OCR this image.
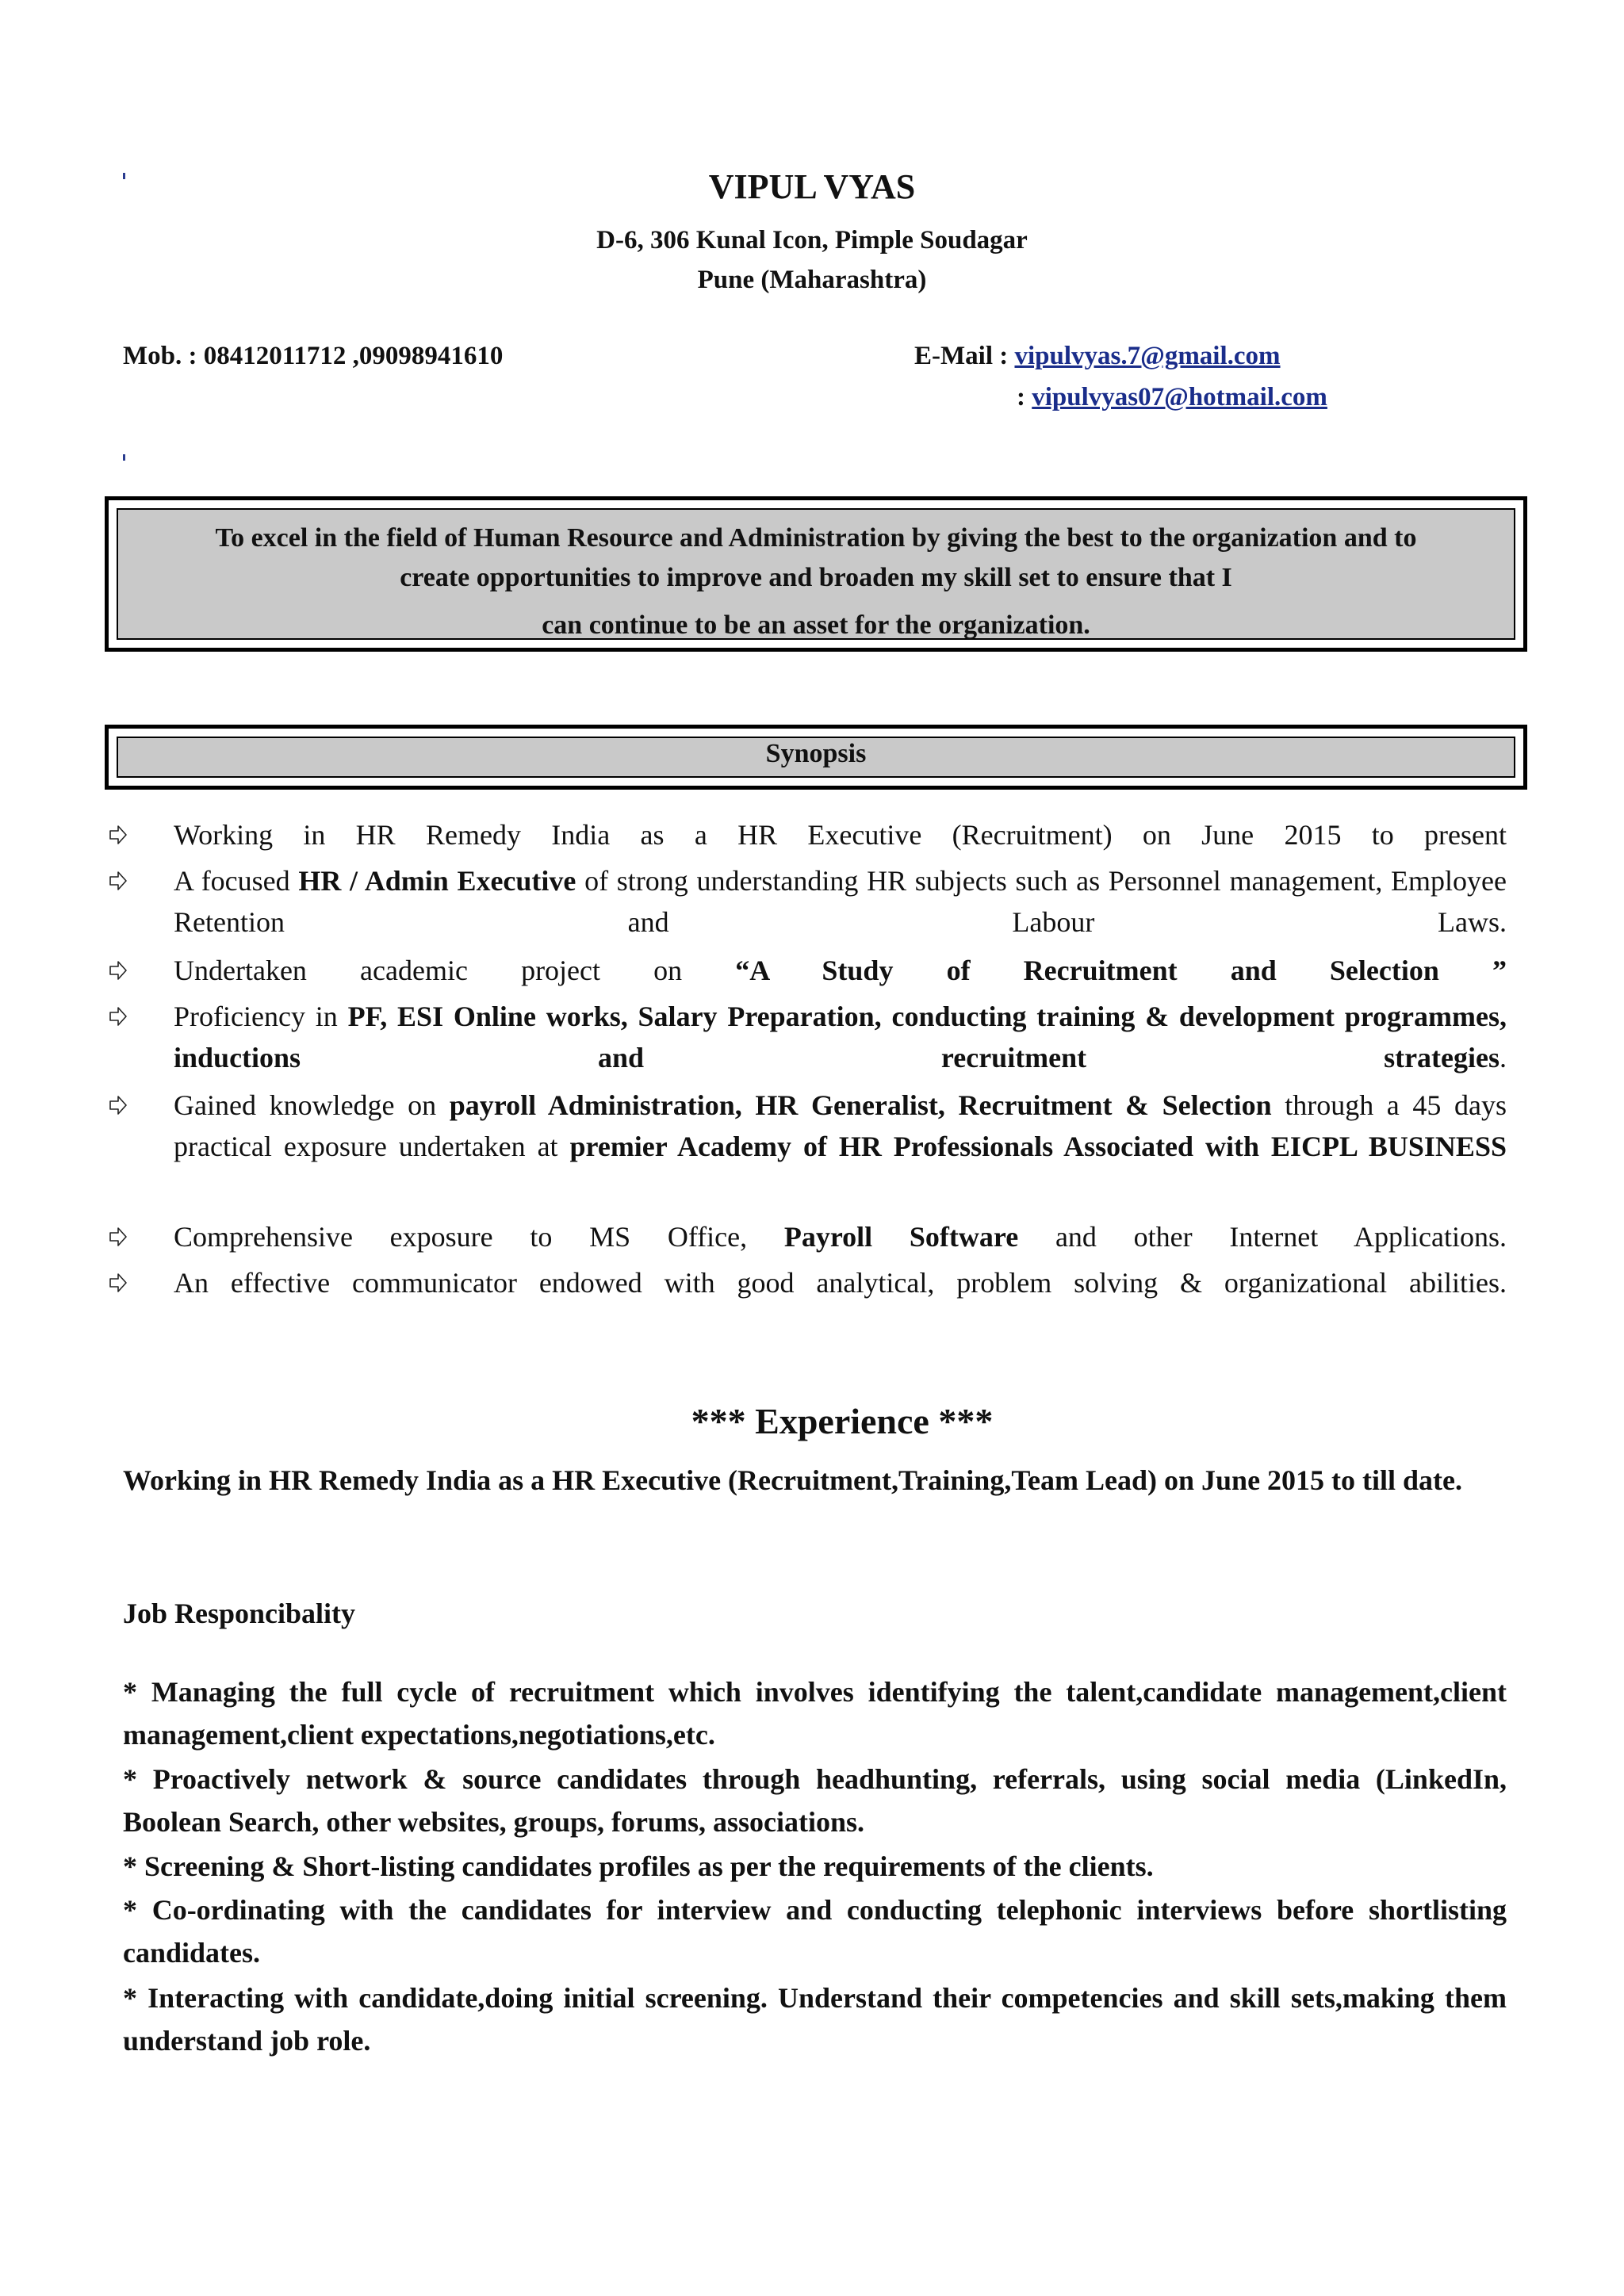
VIPUL VYAS
D-6, 306 Kunal Icon, Pimple Soudagar
Pune (Maharashtra)
Mob. : 08412011712 ,09098941610	E-Mail : vipulvyas.7@gmail.com
: vipulvyas07@hotmail.com
To excel in the field of Human Resource and Administration by giving the best to the organization and to
create opportunities to improve and broaden my skill set to ensure that I
can continue to be an asset for the organization.
Synopsis
Working in HR Remedy India as a HR Executive (Recruitment) on June 2015 to present
A focused HR / Admin Executive of strong understanding HR subjects such as Personnel management, Employee Retention and Labour Laws.
Undertaken academic project on “A Study of Recruitment and Selection ”
Proficiency in PF, ESI Online works, Salary Preparation, conducting training & development programmes, inductions and recruitment strategies.
Gained knowledge on payroll Administration, HR Generalist, Recruitment & Selection through a 45 days practical exposure undertaken at premier Academy of HR Professionals Associated with EICPL BUSINESS
Comprehensive exposure to MS Office, Payroll Software and other Internet Applications.
An effective communicator endowed with good analytical, problem solving & organizational abilities.
*** Experience ***
Working in HR Remedy India as a HR Executive (Recruitment,Training,Team Lead) on June 2015 to till date.
Job Responcibality
* Managing the full cycle of recruitment which involves identifying the talent,candidate management,client management,client expectations,negotiations,etc.
* Proactively network & source candidates through headhunting, referrals, using social media (LinkedIn, Boolean Search, other websites, groups, forums, associations.
* Screening & Short-listing candidates profiles as per the requirements of the clients.
* Co-ordinating with the candidates for interview and conducting telephonic interviews before shortlisting candidates.
* Interacting with candidate,doing initial screening. Understand their competencies and skill sets,making them understand job role.
